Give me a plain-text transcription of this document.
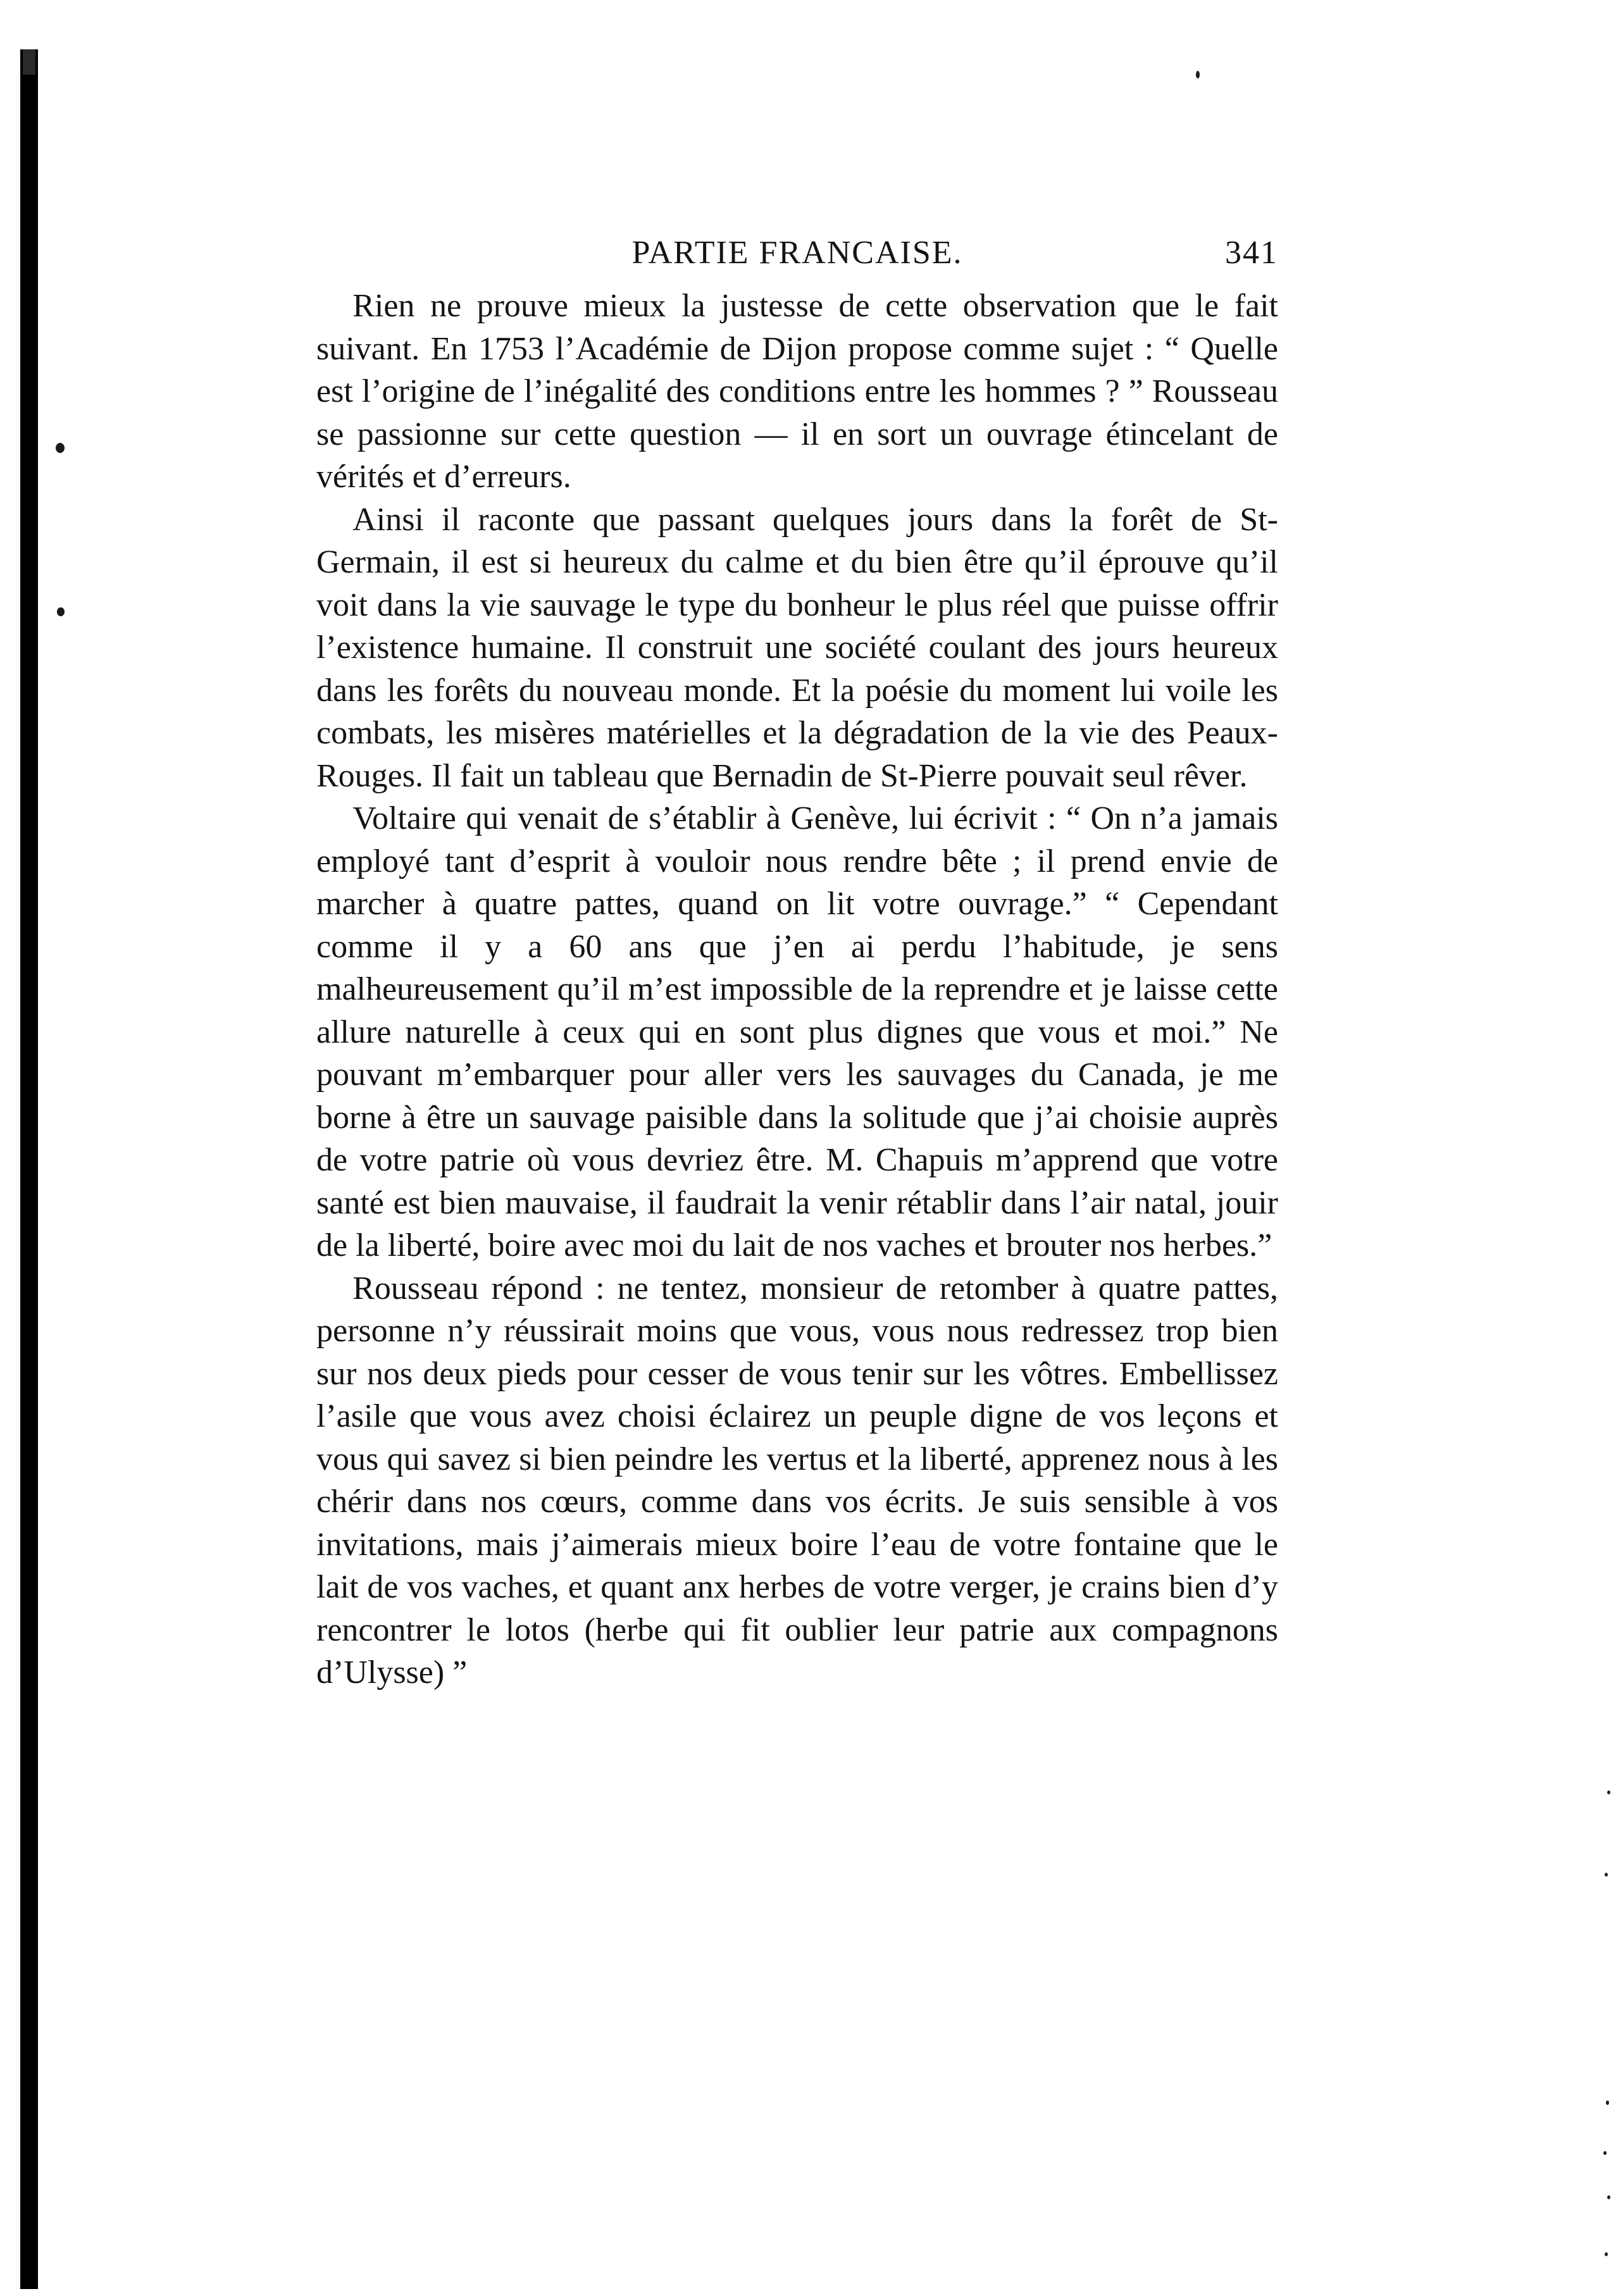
PARTIE FRANCAISE.	341

Rien ne prouve mieux la justesse de cette observation que le fait suivant. En 1753 l’Académie de Dijon propose comme sujet : “ Quelle est l’origine de l’inégalité des conditions entre les hommes ? ” Rousseau se passionne sur cette question — il en sort un ouvrage étincelant de vérités et d’erreurs.

Ainsi il raconte que passant quelques jours dans la forêt de St-Germain, il est si heureux du calme et du bien être qu’il éprouve qu’il voit dans la vie sauvage le type du bonheur le plus réel que puisse offrir l’existence humaine. Il construit une société coulant des jours heureux dans les forêts du nouveau monde. Et la poésie du moment lui voile les combats, les misères matérielles et la dégradation de la vie des Peaux-Rouges. Il fait un tableau que Bernadin de St-Pierre pouvait seul rêver.

Voltaire qui venait de s’établir à Genève, lui écrivit : “ On n’a jamais employé tant d’esprit à vouloir nous rendre bête ; il prend envie de marcher à quatre pattes, quand on lit votre ouvrage.” “ Cependant comme il y a 60 ans que j’en ai perdu l’habitude, je sens malheureusement qu’il m’est impossible de la reprendre et je laisse cette allure naturelle à ceux qui en sont plus dignes que vous et moi.” Ne pouvant m’embarquer pour aller vers les sauvages du Canada, je me borne à être un sauvage paisible dans la solitude que j’ai choisie auprès de votre patrie où vous devriez être. M. Chapuis m’apprend que votre santé est bien mauvaise, il faudrait la venir rétablir dans l’air natal, jouir de la liberté, boire avec moi du lait de nos vaches et brouter nos herbes.”

Rousseau répond : ne tentez, monsieur de retomber à quatre pattes, personne n’y réussirait moins que vous, vous nous redressez trop bien sur nos deux pieds pour cesser de vous tenir sur les vôtres. Embellissez l’asile que vous avez choisi éclairez un peuple digne de vos leçons et vous qui savez si bien peindre les vertus et la liberté, apprenez nous à les chérir dans nos cœurs, comme dans vos écrits. Je suis sensible à vos invitations, mais j’aimerais mieux boire l’eau de votre fontaine que le lait de vos vaches, et quant anx herbes de votre verger, je crains bien d’y rencontrer le lotos (herbe qui fit oublier leur patrie aux compagnons d’Ulysse) ”
